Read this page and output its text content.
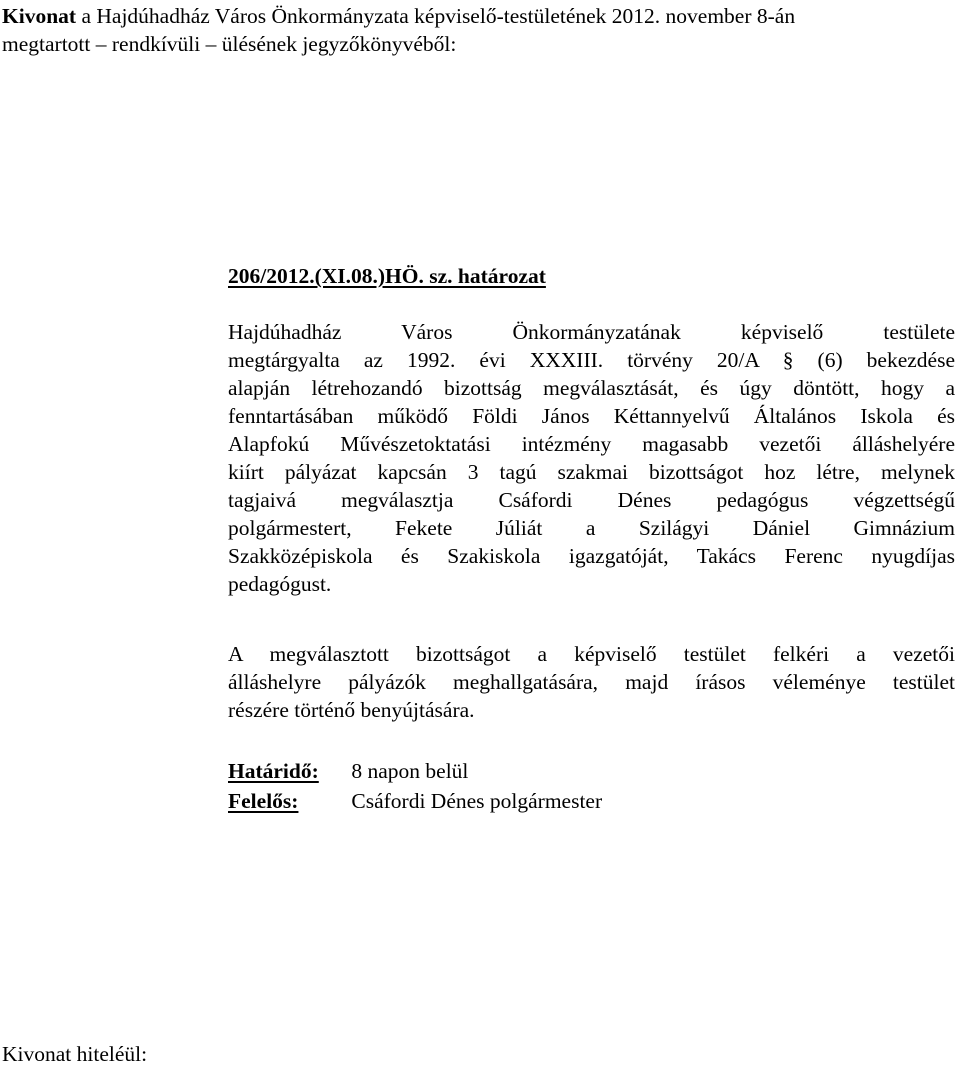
Kivonat a Hajdúhadház Város Önkormányzata képviselő-testületének 2012. november 8-án
megtartott – rendkívüli – ülésének jegyzőkönyvéből:
206/2012.(XI.08.)HÖ. sz. határozat
Hajdúhadház Város Önkormányzatának képviselő testülete
megtárgyalta az 1992. évi XXXIII. törvény 20/A § (6) bekezdése
alapján létrehozandó bizottság megválasztását, és úgy döntött, hogy a
fenntartásában működő Földi János Kéttannyelvű Általános Iskola és
Alapfokú Művészetoktatási intézmény magasabb vezetői álláshelyére
kiírt pályázat kapcsán 3 tagú szakmai bizottságot hoz létre, melynek
tagjaivá megválasztja Csáfordi Dénes pedagógus végzettségű
polgármestert, Fekete Júliát a Szilágyi Dániel Gimnázium
Szakközépiskola és Szakiskola igazgatóját, Takács Ferenc nyugdíjas
pedagógust.
A megválasztott bizottságot a képviselő testület felkéri a vezetői
álláshelyre pályázók meghallgatására, majd írásos véleménye testület
részére történő benyújtására.
Határidő: 8 napon belül
Felelős: Csáfordi Dénes polgármester
Kivonat hiteléül:
